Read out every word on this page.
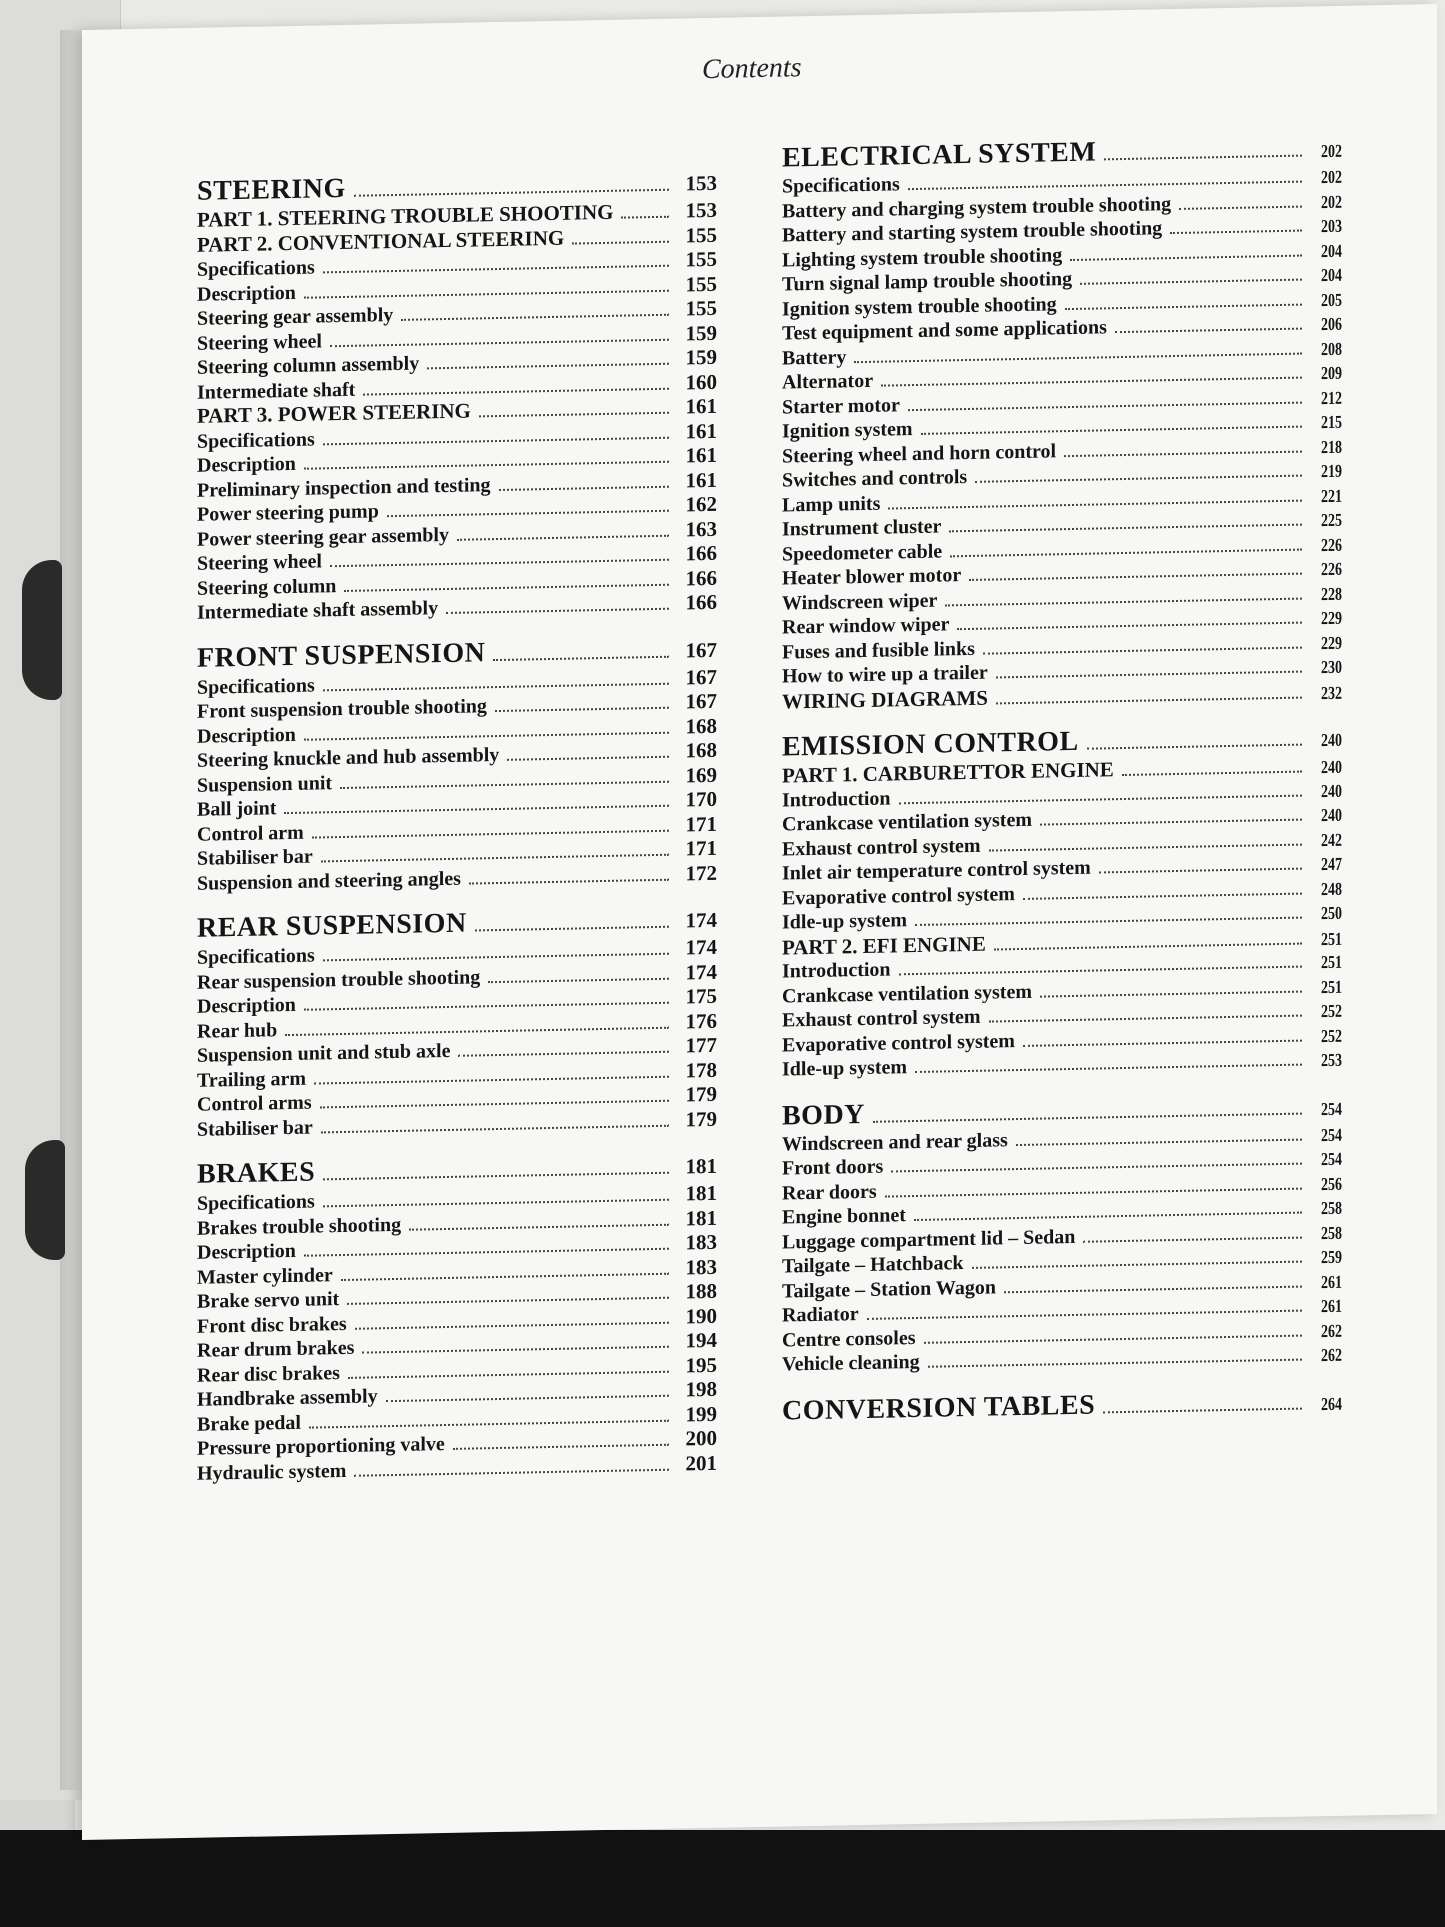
Contents
STEERING	153
PART 1. STEERING TROUBLE SHOOTING	153
PART 2. CONVENTIONAL STEERING	155
Specifications	155
Description	155
Steering gear assembly	155
Steering wheel	159
Steering column assembly	159
Intermediate shaft	160
PART 3. POWER STEERING	161
Specifications	161
Description	161
Preliminary inspection and testing	161
Power steering pump	162
Power steering gear assembly	163
Steering wheel	166
Steering column	166
Intermediate shaft assembly	166
FRONT SUSPENSION	167
Specifications	167
Front suspension trouble shooting	167
Description	168
Steering knuckle and hub assembly	168
Suspension unit	169
Ball joint	170
Control arm	171
Stabiliser bar	171
Suspension and steering angles	172
REAR SUSPENSION	174
Specifications	174
Rear suspension trouble shooting	174
Description	175
Rear hub	176
Suspension unit and stub axle	177
Trailing arm	178
Control arms	179
Stabiliser bar	179
BRAKES	181
Specifications	181
Brakes trouble shooting	181
Description	183
Master cylinder	183
Brake servo unit	188
Front disc brakes	190
Rear drum brakes	194
Rear disc brakes	195
Handbrake assembly	198
Brake pedal	199
Pressure proportioning valve	200
Hydraulic system	201
ELECTRICAL SYSTEM	202
Specifications	202
Battery and charging system trouble shooting	202
Battery and starting system trouble shooting	203
Lighting system trouble shooting	204
Turn signal lamp trouble shooting	204
Ignition system trouble shooting	205
Test equipment and some applications	206
Battery	208
Alternator	209
Starter motor	212
Ignition system	215
Steering wheel and horn control	218
Switches and controls	219
Lamp units	221
Instrument cluster	225
Speedometer cable	226
Heater blower motor	226
Windscreen wiper	228
Rear window wiper	229
Fuses and fusible links	229
How to wire up a trailer	230
WIRING DIAGRAMS	232
EMISSION CONTROL	240
PART 1. CARBURETTOR ENGINE	240
Introduction	240
Crankcase ventilation system	240
Exhaust control system	242
Inlet air temperature control system	247
Evaporative control system	248
Idle-up system	250
PART 2. EFI ENGINE	251
Introduction	251
Crankcase ventilation system	251
Exhaust control system	252
Evaporative control system	252
Idle-up system	253
BODY	254
Windscreen and rear glass	254
Front doors	254
Rear doors	256
Engine bonnet	258
Luggage compartment lid – Sedan	258
Tailgate – Hatchback	259
Tailgate – Station Wagon	261
Radiator	261
Centre consoles	262
Vehicle cleaning	262
CONVERSION TABLES	264
